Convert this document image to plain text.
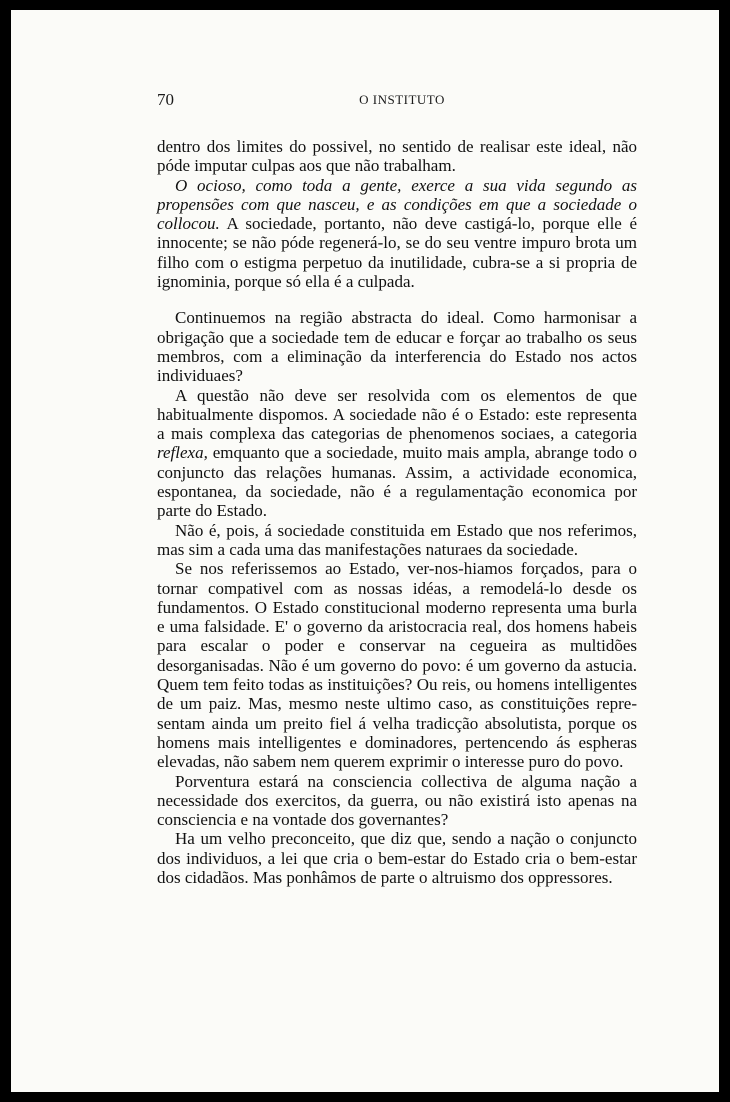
70	O INSTITUTO

dentro dos limites do possivel, no sentido de realisar este ideal, não póde imputar culpas aos que não trabalham.

O ocioso, como toda a gente, exerce a sua vida segundo as propensões com que nasceu, e as condições em que a sociedade o collocou. A sociedade, portanto, não deve castigá-lo, porque elle é innocente; se não póde regenerá-lo, se do seu ventre impuro brota um filho com o estigma perpetuo da inutilidade, cubra-se a si propria de ignominia, porque só ella é a culpada.

Continuemos na região abstracta do ideal. Como harmonisar a obrigação que a sociedade tem de educar e forçar ao trabalho os seus membros, com a eliminação da interferencia do Estado nos actos individuaes?

A questão não deve ser resolvida com os elementos de que habitualmente dispomos. A sociedade não é o Estado: este representa a mais complexa das categorias de phenomenos sociaes, a categoria reflexa, emquanto que a sociedade, muito mais ampla, abrange todo o conjuncto das relações humanas. Assim, a actividade economica, espontanea, da sociedade, não é a regulamentação economica por parte do Estado.

Não é, pois, á sociedade constituida em Estado que nos referimos, mas sim a cada uma das manifestações naturaes da sociedade.

Se nos referissemos ao Estado, ver-nos-hiamos forçados, para o tornar compativel com as nossas idéas, a remodelá-lo desde os fundamentos. O Estado constitucional moderno representa uma burla e uma falsidade. E' o governo da aristocracia real, dos homens habeis para escalar o poder e conservar na cegueira as multidões desorganisadas. Não é um governo do povo: é um governo da astucia. Quem tem feito todas as instituições? Ou reis, ou homens intelligentes de um paiz. Mas, mesmo neste ultimo caso, as constituições representam ainda um preito fiel á velha tradicção absolutista, porque os homens mais intelligentes e dominadores, pertencendo ás espheras elevadas, não sabem nem querem exprimir o interesse puro do povo.

Porventura estará na consciencia collectiva de alguma nação a necessidade dos exercitos, da guerra, ou não existirá isto apenas na consciencia e na vontade dos governantes?

Ha um velho preconceito, que diz que, sendo a nação o conjuncto dos individuos, a lei que cria o bem-estar do Estado cria o bem-estar dos cidadãos. Mas ponhâmos de parte o altruismo dos oppressores.
